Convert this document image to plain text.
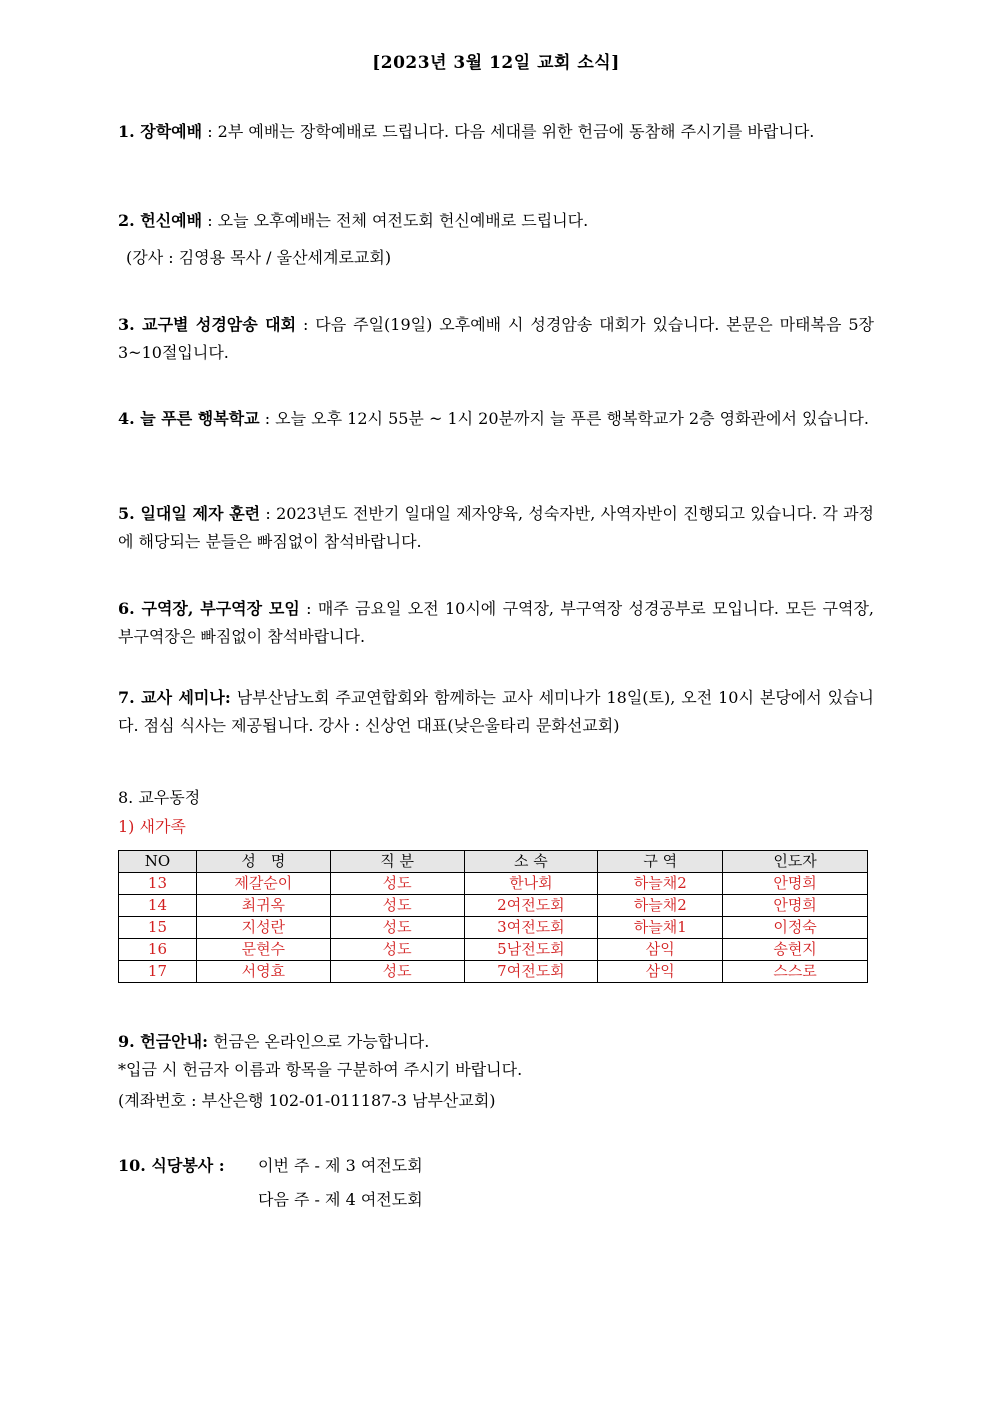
[2023년 3월 12일 교회 소식]
1. 장학예배 : 2부 예배는 장학예배로 드립니다. 다음 세대를 위한 헌금에 동참해 주시기를 바랍니다.
2. 헌신예배 : 오늘 오후예배는 전체 여전도회 헌신예배로 드립니다.
(강사 : 김영용 목사 / 울산세계로교회)
3. 교구별 성경암송 대회 : 다음 주일(19일) 오후예배 시 성경암송 대회가 있습니다. 본문은 마태복음 5장 3~10절입니다.
4. 늘 푸른 행복학교 : 오늘 오후 12시 55분 ~ 1시 20분까지 늘 푸른 행복학교가 2층 영화관에서 있습니다.
5. 일대일 제자 훈련 : 2023년도 전반기 일대일 제자양육, 성숙자반, 사역자반이 진행되고 있습니다. 각 과정에 해당되는 분들은 빠짐없이 참석바랍니다.
6. 구역장, 부구역장 모임 : 매주 금요일 오전 10시에 구역장, 부구역장 성경공부로 모입니다. 모든 구역장, 부구역장은 빠짐없이 참석바랍니다.
7. 교사 세미나: 남부산남노회 주교연합회와 함께하는 교사 세미나가 18일(토), 오전 10시 본당에서 있습니다. 점심 식사는 제공됩니다. 강사 : 신상언 대표(낮은울타리 문화선교회)
8. 교우동정
1) 새가족
NO	성　명	직 분	소 속	구 역	인도자
13	제갈순이	성도	한나회	하늘채2	안명희
14	최귀옥	성도	2여전도회	하늘채2	안명희
15	지성란	성도	3여전도회	하늘채1	이정숙
16	문현수	성도	5남전도회	삼익	송현지
17	서영효	성도	7여전도회	삼익	스스로
9. 헌금안내: 헌금은 온라인으로 가능합니다.
*입금 시 헌금자 이름과 항목을 구분하여 주시기 바랍니다.
(계좌번호 : 부산은행 102-01-011187-3 남부산교회)
10. 식당봉사 : 이번 주 - 제 3 여전도회
다음 주 - 제 4 여전도회
